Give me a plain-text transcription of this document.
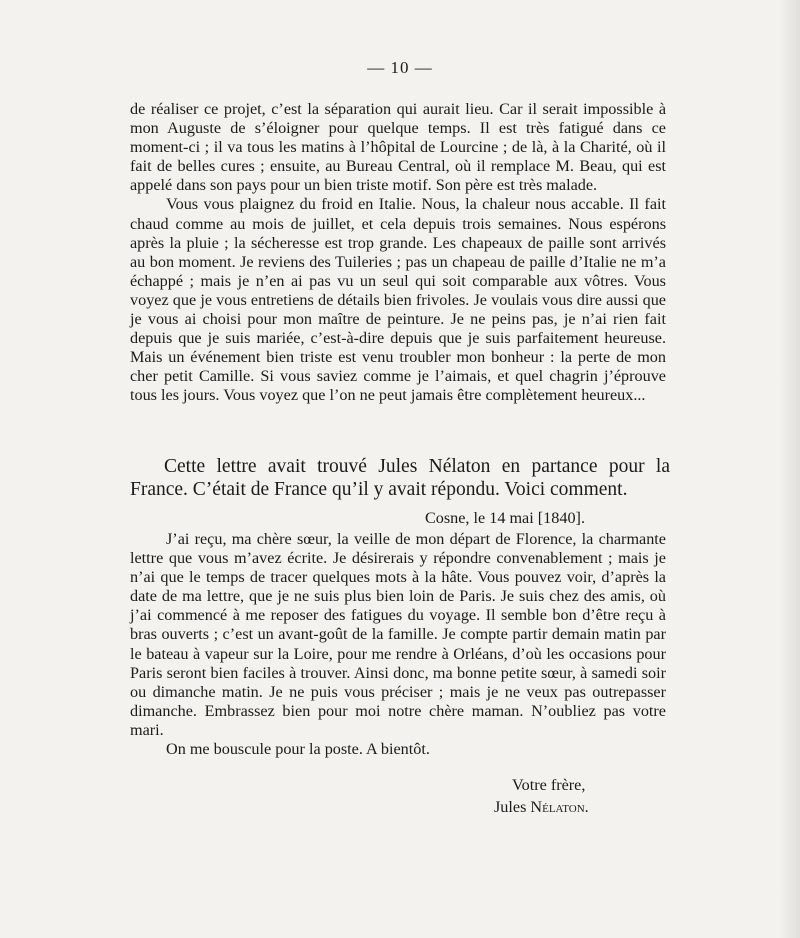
— 10 —

de réaliser ce projet, c’est la séparation qui aurait lieu. Car il serait impossible à mon Auguste de s’éloigner pour quelque temps. Il est très fatigué dans ce moment-ci ; il va tous les matins à l’hôpital de Lourcine ; de là, à la Charité, où il fait de belles cures ; ensuite, au Bureau Central, où il remplace M. Beau, qui est appelé dans son pays pour un bien triste motif. Son père est très malade.

Vous vous plaignez du froid en Italie. Nous, la chaleur nous accable. Il fait chaud comme au mois de juillet, et cela depuis trois semaines. Nous espérons après la pluie ; la sécheresse est trop grande. Les chapeaux de paille sont arrivés au bon moment. Je reviens des Tuileries ; pas un chapeau de paille d’Italie ne m’a échappé ; mais je n’en ai pas vu un seul qui soit comparable aux vôtres. Vous voyez que je vous entretiens de détails bien frivoles. Je voulais vous dire aussi que je vous ai choisi pour mon maître de peinture. Je ne peins pas, je n’ai rien fait depuis que je suis mariée, c’est-à-dire depuis que je suis parfaitement heureuse. Mais un événement bien triste est venu troubler mon bonheur : la perte de mon cher petit Camille. Si vous saviez comme je l’aimais, et quel chagrin j’éprouve tous les jours. Vous voyez que l’on ne peut jamais être complètement heureux...

Cette lettre avait trouvé Jules Nélaton en partance pour la France. C’était de France qu’il y avait répondu. Voici comment.

Cosne, le 14 mai [1840].

J’ai reçu, ma chère sœur, la veille de mon départ de Florence, la charmante lettre que vous m’avez écrite. Je désirerais y répondre convenablement ; mais je n’ai que le temps de tracer quelques mots à la hâte. Vous pouvez voir, d’après la date de ma lettre, que je ne suis plus bien loin de Paris. Je suis chez des amis, où j’ai commencé à me reposer des fatigues du voyage. Il semble bon d’être reçu à bras ouverts ; c’est un avant-goût de la famille. Je compte partir demain matin par le bateau à vapeur sur la Loire, pour me rendre à Orléans, d’où les occasions pour Paris seront bien faciles à trouver. Ainsi donc, ma bonne petite sœur, à samedi soir ou dimanche matin. Je ne puis vous préciser ; mais je ne veux pas outrepasser dimanche. Embrassez bien pour moi notre chère maman. N’oubliez pas votre mari.

On me bouscule pour la poste. A bientôt.

Votre frère,
Jules Nélaton.
